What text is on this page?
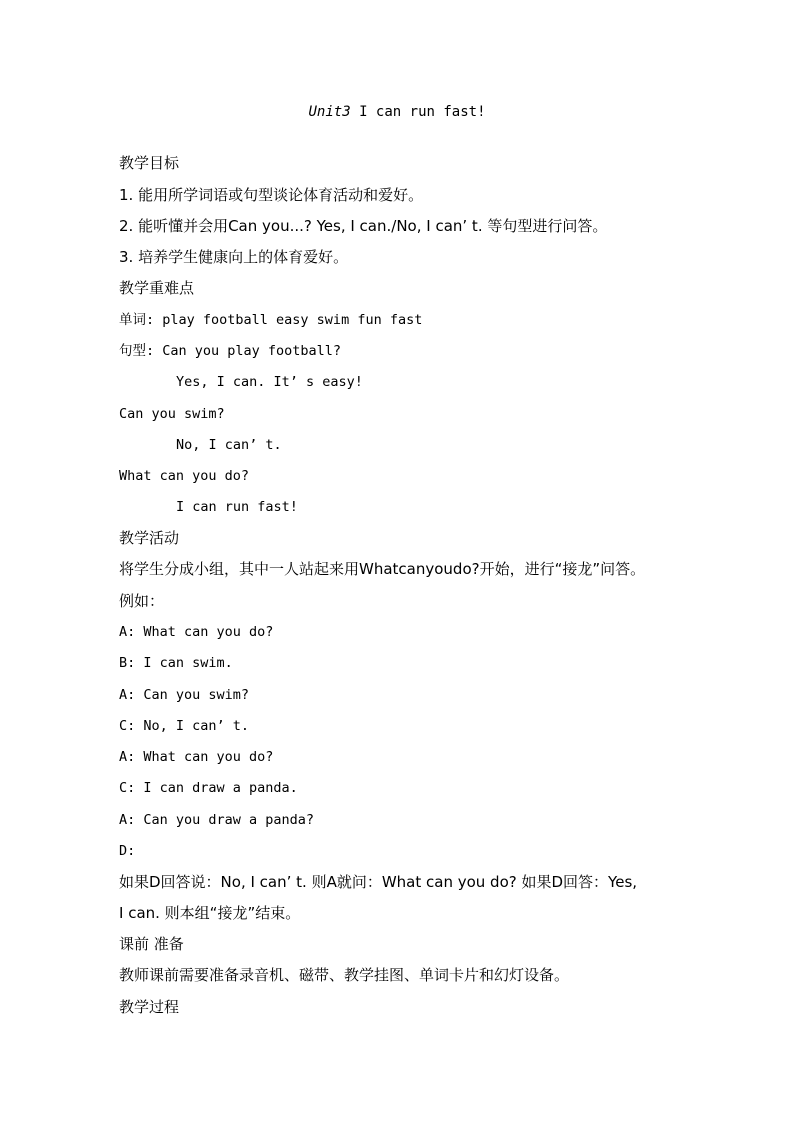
Unit3 I can run fast!
教学目标
1. 能用所学词语或句型谈论体育活动和爱好。
2. 能听懂并会用Can you...? Yes, I can./No, I can’ t. 等句型进行问答。
3. 培养学生健康向上的体育爱好。
教学重难点
单词: play football easy swim fun fast
句型: Can you play football?
Yes, I can. It’ s easy!
Can you swim?
No, I can’ t.
What can you do?
I can run fast!
教学活动
将学生分成小组，其中一人站起来用Whatcanyoudo?开始，进行“接龙”问答。
例如：
A: What can you do?
B: I can swim.
A: Can you swim?
C: No, I can’ t.
A: What can you do?
C: I can draw a panda.
A: Can you draw a panda?
D:
如果D回答说：No, I can’ t. 则A就问：What can you do? 如果D回答：Yes,
I can. 则本组“接龙”结束。
课前 准备
教师课前需要准备录音机、磁带、教学挂图、单词卡片和幻灯设备。
教学过程
